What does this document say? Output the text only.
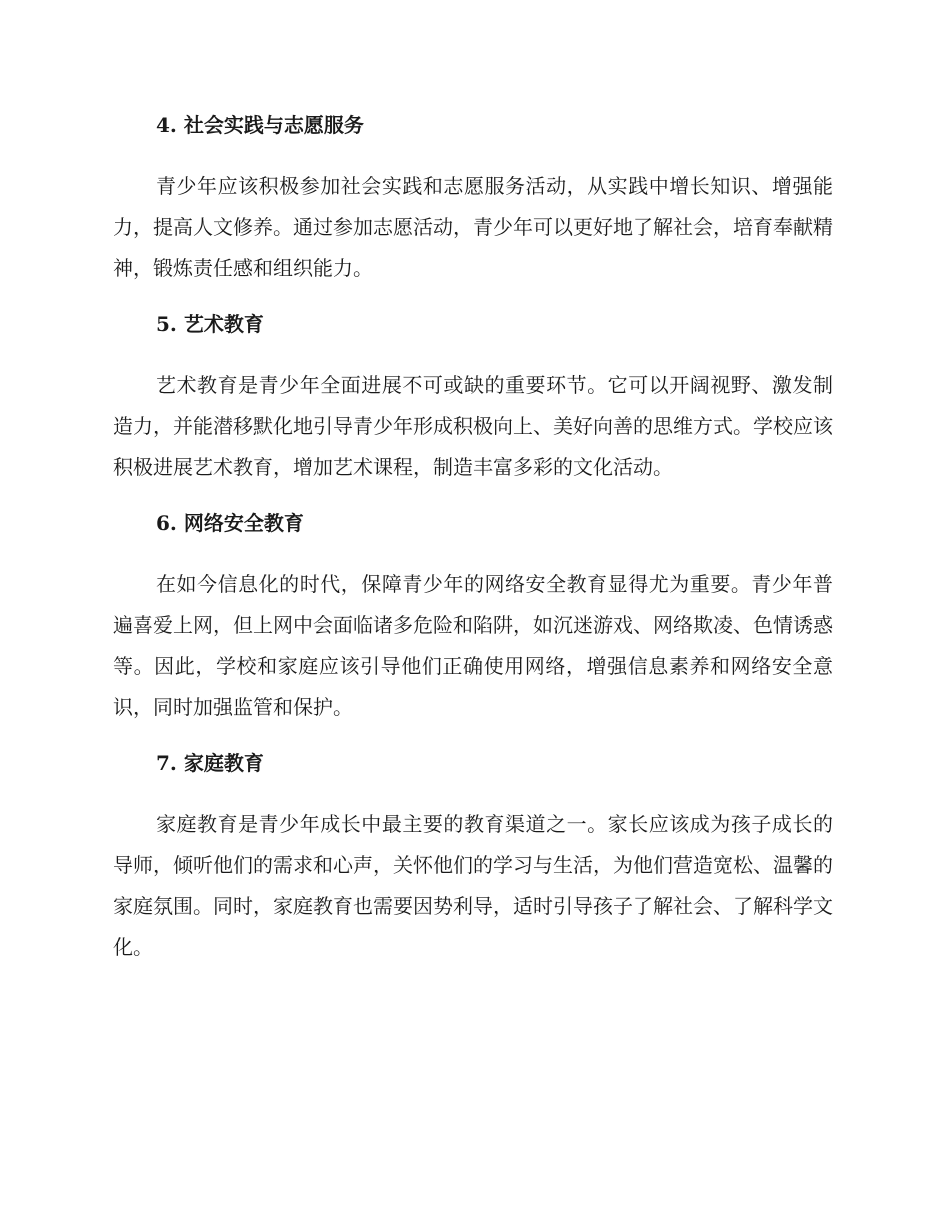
4. 社会实践与志愿服务

青少年应该积极参加社会实践和志愿服务活动，从实践中增长知识、增强能力，提高人文修养。通过参加志愿活动，青少年可以更好地了解社会，培育奉献精神，锻炼责任感和组织能力。

5. 艺术教育

艺术教育是青少年全面进展不可或缺的重要环节。它可以开阔视野、激发制造力，并能潜移默化地引导青少年形成积极向上、美好向善的思维方式。学校应该积极进展艺术教育，增加艺术课程，制造丰富多彩的文化活动。

6. 网络安全教育

在如今信息化的时代，保障青少年的网络安全教育显得尤为重要。青少年普遍喜爱上网，但上网中会面临诸多危险和陷阱，如沉迷游戏、网络欺凌、色情诱惑等。因此，学校和家庭应该引导他们正确使用网络，增强信息素养和网络安全意识，同时加强监管和保护。

7. 家庭教育

家庭教育是青少年成长中最主要的教育渠道之一。家长应该成为孩子成长的导师，倾听他们的需求和心声，关怀他们的学习与生活，为他们营造宽松、温馨的家庭氛围。同时，家庭教育也需要因势利导，适时引导孩子了解社会、了解科学文化。
